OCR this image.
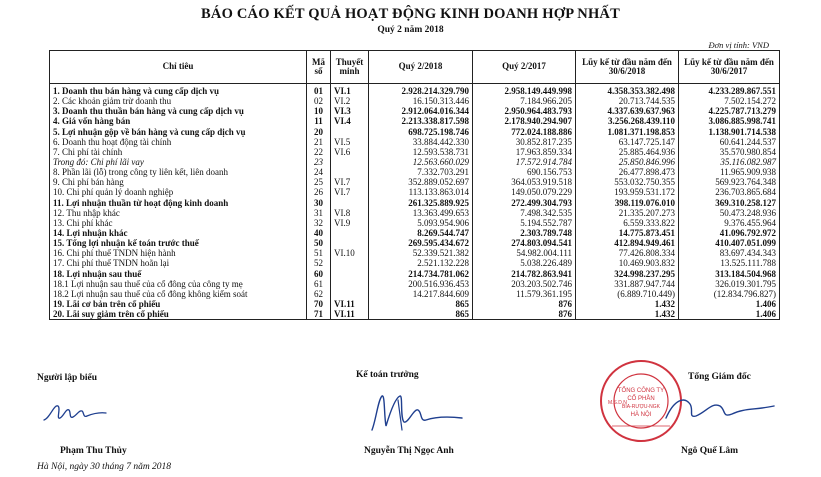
BÁO CÁO KẾT QUẢ HOẠT ĐỘNG KINH DOANH HỢP NHẤT
Quý 2 năm 2018
Đơn vị tính: VND
Chỉ tiêu	Mã số	Thuyết minh	Quý 2/2018	Quý 2/2017	Lũy kế từ đầu năm đến 30/6/2018	Lũy kế từ đầu năm đến 30/6/2017
1. Doanh thu bán hàng và cung cấp dịch vụ	01	VI.1	2.928.214.329.790	2.958.149.449.998	4.358.353.382.498	4.233.289.867.551
2. Các khoản giảm trừ doanh thu	02	VI.2	16.150.313.446	7.184.966.205	20.713.744.535	7.502.154.272
3. Doanh thu thuần bán hàng và cung cấp dịch vụ	10	VI.3	2.912.064.016.344	2.950.964.483.793	4.337.639.637.963	4.225.787.713.279
4. Giá vốn hàng bán	11	VI.4	2.213.338.817.598	2.178.940.294.907	3.256.268.439.110	3.086.885.998.741
5. Lợi nhuận gộp về bán hàng và cung cấp dịch vụ	20		698.725.198.746	772.024.188.886	1.081.371.198.853	1.138.901.714.538
6. Doanh thu hoạt động tài chính	21	VI.5	33.884.442.330	30.852.817.235	63.147.725.147	60.641.244.537
7. Chi phí tài chính	22	VI.6	12.593.538.731	17.963.859.334	25.885.464.936	35.570.980.854
Trong đó: Chi phí lãi vay	23		12.563.660.029	17.572.914.784	25.850.846.996	35.116.082.987
8. Phần lãi (lỗ) trong công ty liên kết, liên doanh	24		7.332.703.291	690.156.753	26.477.898.473	11.965.909.938
9. Chi phí bán hàng	25	VI.7	352.889.052.697	364.053.919.518	553.032.750.355	569.923.764.348
10. Chi phí quản lý doanh nghiệp	26	VI.7	113.133.863.014	149.050.079.229	193.959.531.172	236.703.865.684
11. Lợi nhuận thuần từ hoạt động kinh doanh	30		261.325.889.925	272.499.304.793	398.119.076.010	369.310.258.127
12. Thu nhập khác	31	VI.8	13.363.499.653	7.498.342.535	21.335.207.273	50.473.248.936
13. Chi phí khác	32	VI.9	5.093.954.906	5.194.552.787	6.559.333.822	9.376.455.964
14. Lợi nhuận khác	40		8.269.544.747	2.303.789.748	14.775.873.451	41.096.792.972
15. Tổng lợi nhuận kế toán trước thuế	50		269.595.434.672	274.803.094.541	412.894.949.461	410.407.051.099
16. Chi phí thuế TNDN hiện hành	51	VI.10	52.339.521.382	54.982.004.111	77.426.808.334	83.697.434.343
17. Chi phí thuế TNDN hoãn lại	52		2.521.132.228	5.038.226.489	10.469.903.832	13.525.111.788
18. Lợi nhuận sau thuế	60		214.734.781.062	214.782.863.941	324.998.237.295	313.184.504.968
18.1 Lợi nhuận sau thuế của cổ đông của công ty mẹ	61		200.516.936.453	203.203.502.746	331.887.947.744	326.019.301.795
18.2 Lợi nhuận sau thuế của cổ đông không kiểm soát	62		14.217.844.609	11.579.361.195	(6.889.710.449)	(12.834.796.827)
19. Lãi cơ bản trên cổ phiếu	70	VI.11	865	876	1.432	1.406
20. Lãi suy giảm trên cổ phiếu	71	VI.11	865	876	1.432	1.406
Người lập biểu
Phạm Thu Thủy
Kế toán trưởng
Nguyễn Thị Ngọc Anh
Tổng Giám đốc
TỔNG CÔNG TY
CỔ PHẦN
BIA-RƯỢU-NGK
HÀ NỘI
M.S.D.N
Ngô Quế Lâm
Hà Nội, ngày 30 tháng 7 năm 2018
